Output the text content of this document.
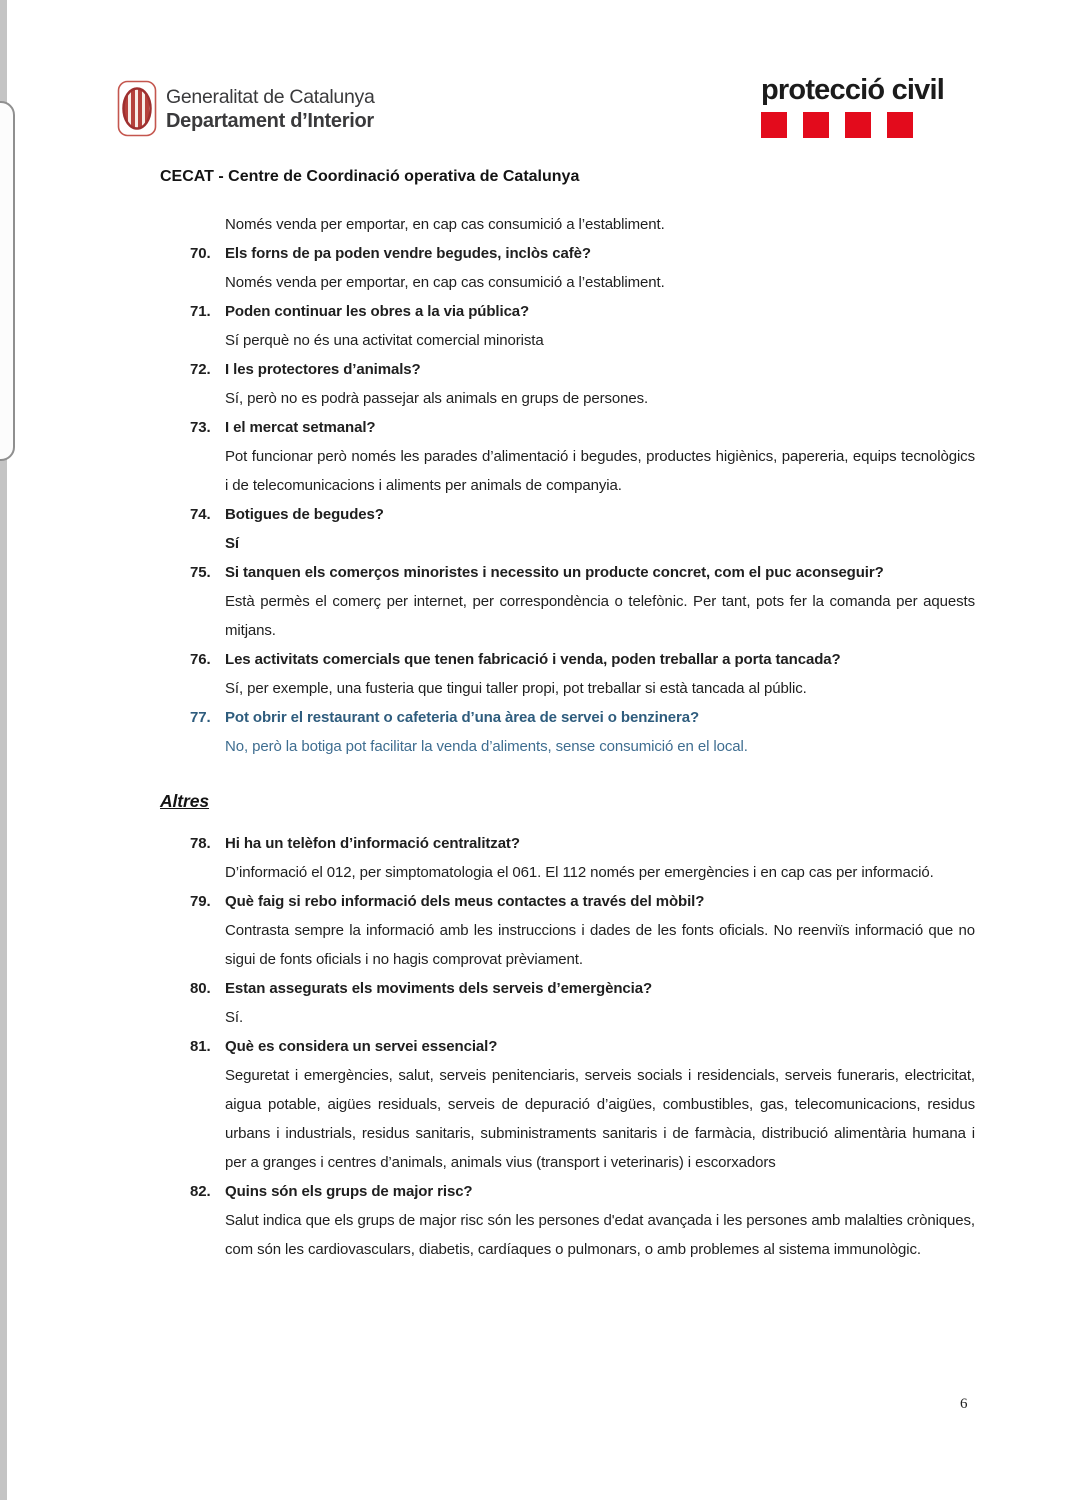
Generalitat de Catalunya
Departament d’Interior
protecció civil
CECAT - Centre de Coordinació operativa de Catalunya
Només venda per emportar, en cap cas consumició a l’establiment.
70. Els forns de pa poden vendre begudes, inclòs cafè?
Només venda per emportar, en cap cas consumició a l’establiment.
71. Poden continuar les obres a la via pública?
Sí perquè no és una activitat comercial minorista
72. I les protectores d’animals?
Sí, però no es podrà passejar als animals en grups de persones.
73. I el mercat setmanal?
Pot funcionar però només les parades d’alimentació i begudes, productes higiènics, papereria, equips tecnològics i de telecomunicacions i aliments per animals de companyia.
74. Botigues de begudes?
Sí
75. Si tanquen els comerços minoristes i necessito un producte concret, com el puc aconseguir?
Està permès el comerç per internet, per correspondència o telefònic. Per tant, pots fer la comanda per aquests mitjans.
76. Les activitats comercials que tenen fabricació i venda, poden treballar a porta tancada?
Sí, per exemple, una fusteria que tingui taller propi, pot treballar si està tancada al públic.
77. Pot obrir el restaurant o cafeteria d’una àrea de servei o benzinera?
No, però la botiga pot facilitar la venda d’aliments, sense consumició en el local.
Altres
78. Hi ha un telèfon d’informació centralitzat?
D’informació el 012, per simptomatologia el 061. El 112 només per emergències i en cap cas per informació.
79. Què faig si rebo informació dels meus contactes a través del mòbil?
Contrasta sempre la informació amb les instruccions i dades de les fonts oficials. No reenviïs informació que no sigui de fonts oficials i no hagis comprovat prèviament.
80. Estan assegurats els moviments dels serveis d’emergència?
Sí.
81. Què es considera un servei essencial?
Seguretat i emergències, salut, serveis penitenciaris, serveis socials i residencials, serveis funeraris, electricitat, aigua potable, aigües residuals, serveis de depuració d’aigües, combustibles, gas, telecomunicacions, residus urbans i industrials, residus sanitaris, subministraments sanitaris i de farmàcia, distribució alimentària humana i per a granges i centres d’animals, animals vius (transport i veterinaris) i escorxadors
82. Quins són els grups de major risc?
Salut indica que els grups de major risc són les persones d'edat avançada i les persones amb malalties cròniques, com són les cardiovasculars, diabetis, cardíaques o pulmonars, o amb problemes al sistema immunològic.
6
